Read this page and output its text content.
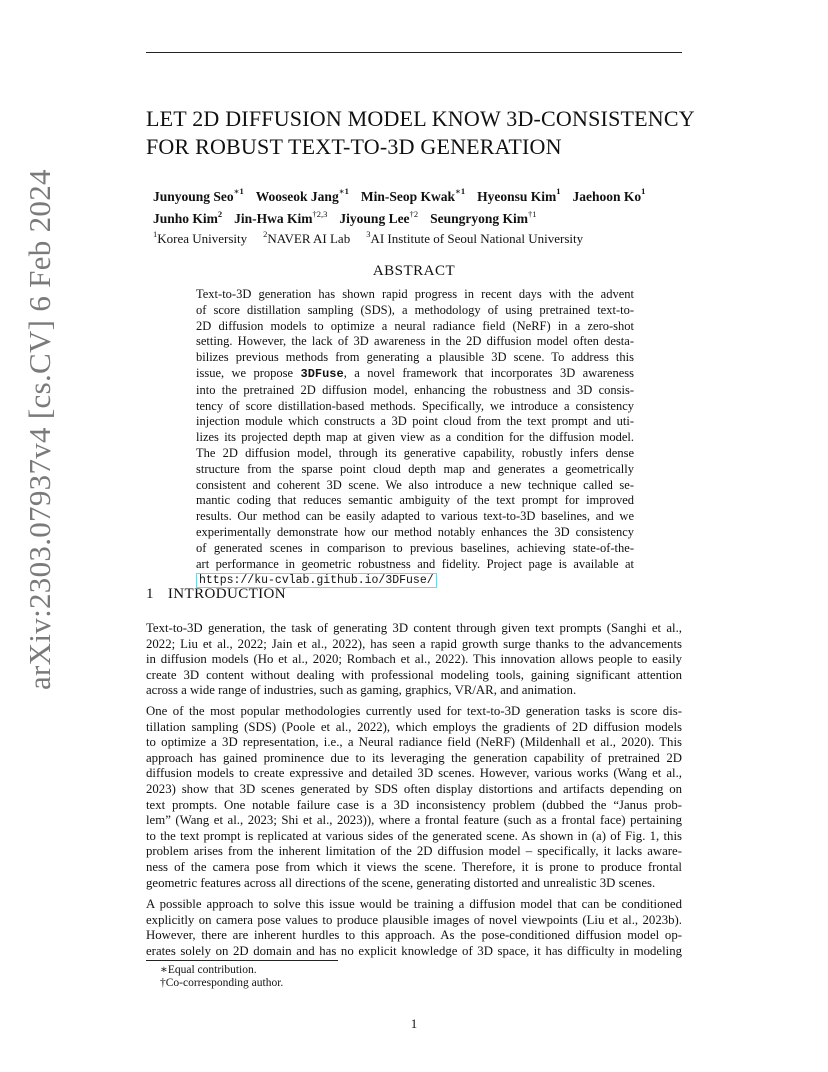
LET 2D DIFFUSION MODEL KNOW 3D-CONSISTENCY
FOR ROBUST TEXT-TO-3D GENERATION
Junyoung Seo$^{∗1}$ Wooseok Jang$^{∗1}$ Min-Seop Kwak$^{∗1}$ Hyeonsu Kim$^1$ Jaehoon Ko$^1$
Junho Kim$^2$ Jin-Hwa Kim$^{\dagger 2,3}$ Jiyoung Lee$^{\dagger 2}$ Seungryong Kim$^{\dagger 1}$
$^1$Korea University $^2$NAVER AI Lab $^3$AI Institute of Seoul National University
ABSTRACT
Text-to-3D generation has shown rapid progress in recent days with the advent
of score distillation sampling (SDS), a methodology of using pretrained text-to-
2D diffusion models to optimize a neural radiance field (NeRF) in a zero-shot
setting. However, the lack of 3D awareness in the 2D diffusion model often desta-
bilizes previous methods from generating a plausible 3D scene. To address this
issue, we propose 3DFuse, a novel framework that incorporates 3D awareness
into the pretrained 2D diffusion model, enhancing the robustness and 3D consis-
tency of score distillation-based methods. Specifically, we introduce a consistency
injection module which constructs a 3D point cloud from the text prompt and uti-
lizes its projected depth map at given view as a condition for the diffusion model.
The 2D diffusion model, through its generative capability, robustly infers dense
structure from the sparse point cloud depth map and generates a geometrically
consistent and coherent 3D scene. We also introduce a new technique called se-
mantic coding that reduces semantic ambiguity of the text prompt for improved
results. Our method can be easily adapted to various text-to-3D baselines, and we
experimentally demonstrate how our method notably enhances the 3D consistency
of generated scenes in comparison to previous baselines, achieving state-of-the-
art performance in geometric robustness and fidelity. Project page is available at
https://ku-cvlab.github.io/3DFuse/
1 INTRODUCTION
Text-to-3D generation, the task of generating 3D content through given text prompts (Sanghi et al.,
2022; Liu et al., 2022; Jain et al., 2022), has seen a rapid growth surge thanks to the advancements
in diffusion models (Ho et al., 2020; Rombach et al., 2022). This innovation allows people to easily
create 3D content without dealing with professional modeling tools, gaining significant attention
across a wide range of industries, such as gaming, graphics, VR/AR, and animation.
One of the most popular methodologies currently used for text-to-3D generation tasks is score dis-
tillation sampling (SDS) (Poole et al., 2022), which employs the gradients of 2D diffusion models
to optimize a 3D representation, i.e., a Neural radiance field (NeRF) (Mildenhall et al., 2020). This
approach has gained prominence due to its leveraging the generation capability of pretrained 2D
diffusion models to create expressive and detailed 3D scenes. However, various works (Wang et al.,
2023) show that 3D scenes generated by SDS often display distortions and artifacts depending on
text prompts. One notable failure case is a 3D inconsistency problem (dubbed the “Janus prob-
lem” (Wang et al., 2023; Shi et al., 2023)), where a frontal feature (such as a frontal face) pertaining
to the text prompt is replicated at various sides of the generated scene. As shown in (a) of Fig. 1, this
problem arises from the inherent limitation of the 2D diffusion model – specifically, it lacks aware-
ness of the camera pose from which it views the scene. Therefore, it is prone to produce frontal
geometric features across all directions of the scene, generating distorted and unrealistic 3D scenes.
A possible approach to solve this issue would be training a diffusion model that can be conditioned
explicitly on camera pose values to produce plausible images of novel viewpoints (Liu et al., 2023b).
However, there are inherent hurdles to this approach. As the pose-conditioned diffusion model op-
erates solely on 2D domain and has no explicit knowledge of 3D space, it has difficulty in modeling
∗Equal contribution.
†Co-corresponding author.
1
arXiv:2303.07937v4 [cs.CV] 6 Feb 2024
